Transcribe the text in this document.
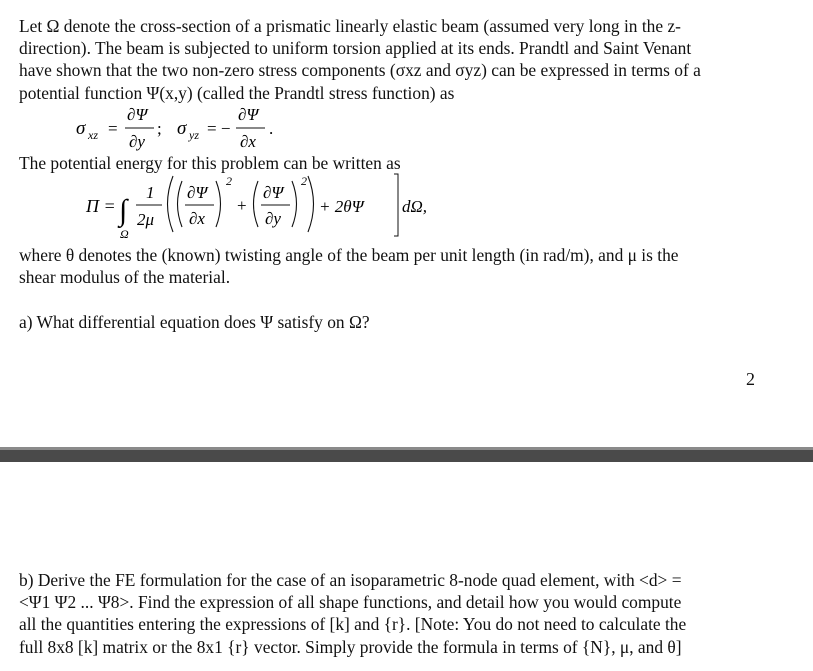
Let Ω denote the cross-section of a prismatic linearly elastic beam (assumed very long in the z-
direction). The beam is subjected to uniform torsion applied at its ends. Prandtl and Saint Venant
have shown that the two non-zero stress components (σxz and σyz) can be expressed in terms of a
potential function Ψ(x,y) (called the Prandtl stress function) as
σ xz =
∂Ψ
∂y
; σ yz = −
∂Ψ
∂x
.
The potential energy for this problem can be written as
Π = ∫
Ω
1
2μ
∂Ψ
∂x
2
+
∂Ψ
∂y
2
+ 2θΨ dΩ,
where θ denotes the (known) twisting angle of the beam per unit length (in rad/m), and μ is the
shear modulus of the material.
a) What differential equation does Ψ satisfy on Ω?
2
b) Derive the FE formulation for the case of an isoparametric 8-node quad element, with <d> =
<Ψ1 Ψ2 ... Ψ8>. Find the expression of all shape functions, and detail how you would compute
all the quantities entering the expressions of [k] and {r}. [Note: You do not need to calculate the
full 8x8 [k] matrix or the 8x1 {r} vector. Simply provide the formula in terms of {N}, μ, and θ]
